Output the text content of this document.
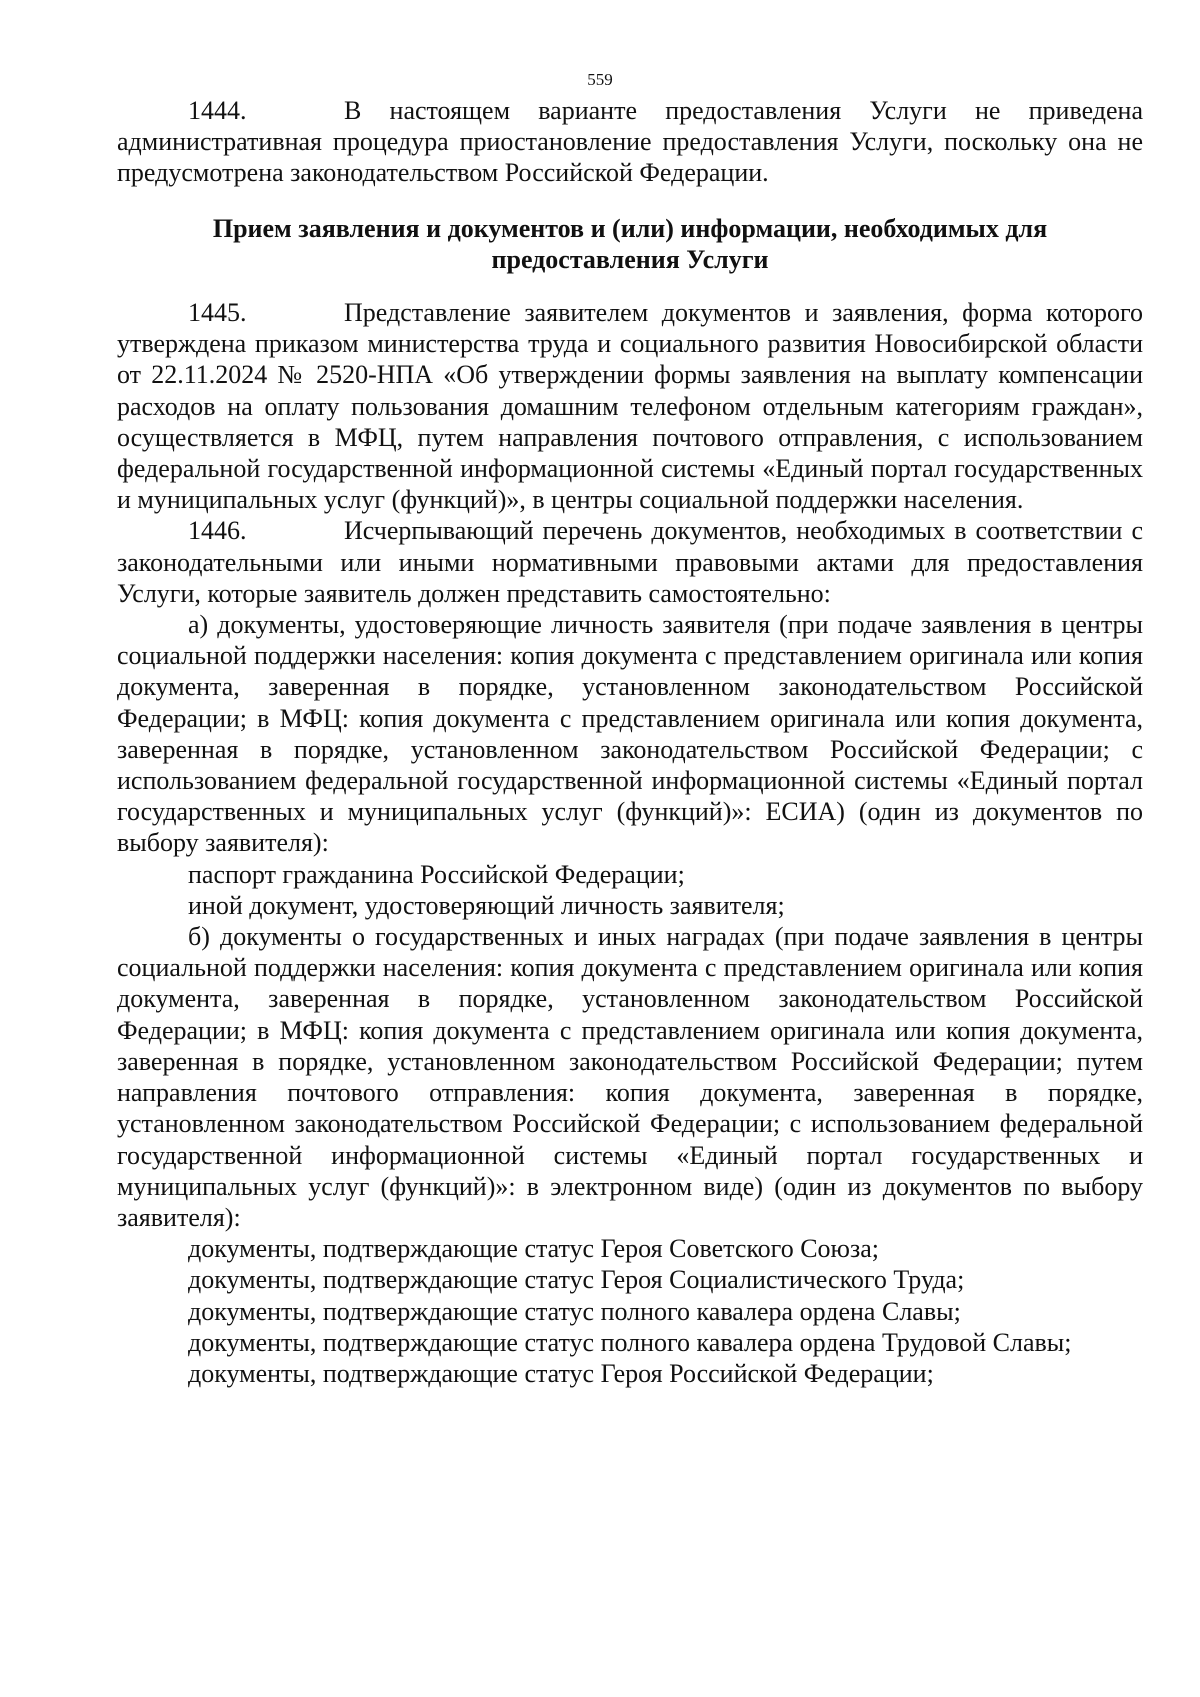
559

1444.	В настоящем варианте предоставления Услуги не приведена административная процедура приостановление предоставления Услуги, поскольку она не предусмотрена законодательством Российской Федерации.

Прием заявления и документов и (или) информации, необходимых для
предоставления Услуги

1445.	Представление заявителем документов и заявления, форма которого утверждена приказом министерства труда и социального развития Новосибирской области от 22.11.2024 № 2520-НПА «Об утверждении формы заявления на выплату компенсации расходов на оплату пользования домашним телефоном отдельным категориям граждан», осуществляется в МФЦ, путем направления почтового отправления, с использованием федеральной государственной информационной системы «Единый портал государственных и муниципальных услуг (функций)», в центры социальной поддержки населения.

1446.	Исчерпывающий перечень документов, необходимых в соответствии с законодательными или иными нормативными правовыми актами для предоставления Услуги, которые заявитель должен представить самостоятельно:

а) документы, удостоверяющие личность заявителя (при подаче заявления в центры социальной поддержки населения: копия документа с представлением оригинала или копия документа, заверенная в порядке, установленном законодательством Российской Федерации; в МФЦ: копия документа с представлением оригинала или копия документа, заверенная в порядке, установленном законодательством Российской Федерации; с использованием федеральной государственной информационной системы «Единый портал государственных и муниципальных услуг (функций)»: ЕСИА) (один из документов по выбору заявителя):

паспорт гражданина Российской Федерации;

иной документ, удостоверяющий личность заявителя;

б) документы о государственных и иных наградах (при подаче заявления в центры социальной поддержки населения: копия документа с представлением оригинала или копия документа, заверенная в порядке, установленном законодательством Российской Федерации; в МФЦ: копия документа с представлением оригинала или копия документа, заверенная в порядке, установленном законодательством Российской Федерации; путем направления почтового отправления: копия документа, заверенная в порядке, установленном законодательством Российской Федерации; с использованием федеральной государственной информационной системы «Единый портал государственных и муниципальных услуг (функций)»: в электронном виде) (один из документов по выбору заявителя):

документы, подтверждающие статус Героя Советского Союза;

документы, подтверждающие статус Героя Социалистического Труда;

документы, подтверждающие статус полного кавалера ордена Славы;

документы, подтверждающие статус полного кавалера ордена Трудовой Славы;

документы, подтверждающие статус Героя Российской Федерации;
